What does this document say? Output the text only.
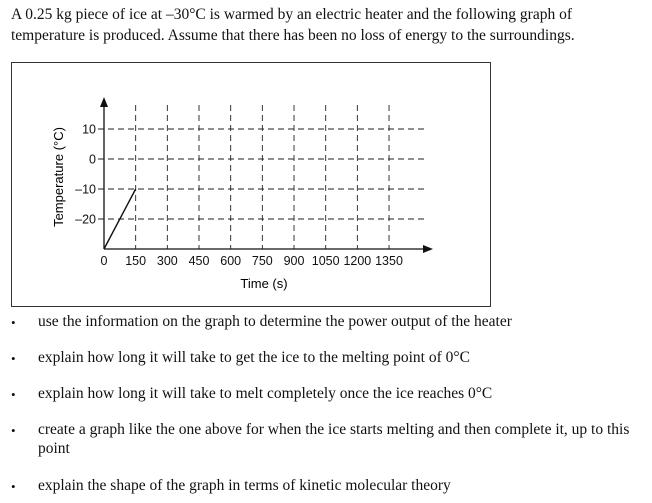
A 0.25 kg piece of ice at –30°C is warmed by an electric heater and the following graph of temperature is produced. Assume that there has been no loss of energy to the surroundings.
0 150 300 450 600 750 900 1050 1200 1350
–20
–10
0
10
Time (s)
Temperature (°C)
• use the information on the graph to determine the power output of the heater
• explain how long it will take to get the ice to the melting point of 0°C
• explain how long it will take to melt completely once the ice reaches 0°C
• create a graph like the one above for when the ice starts melting and then complete it, up to this point
• explain the shape of the graph in terms of kinetic molecular theory
